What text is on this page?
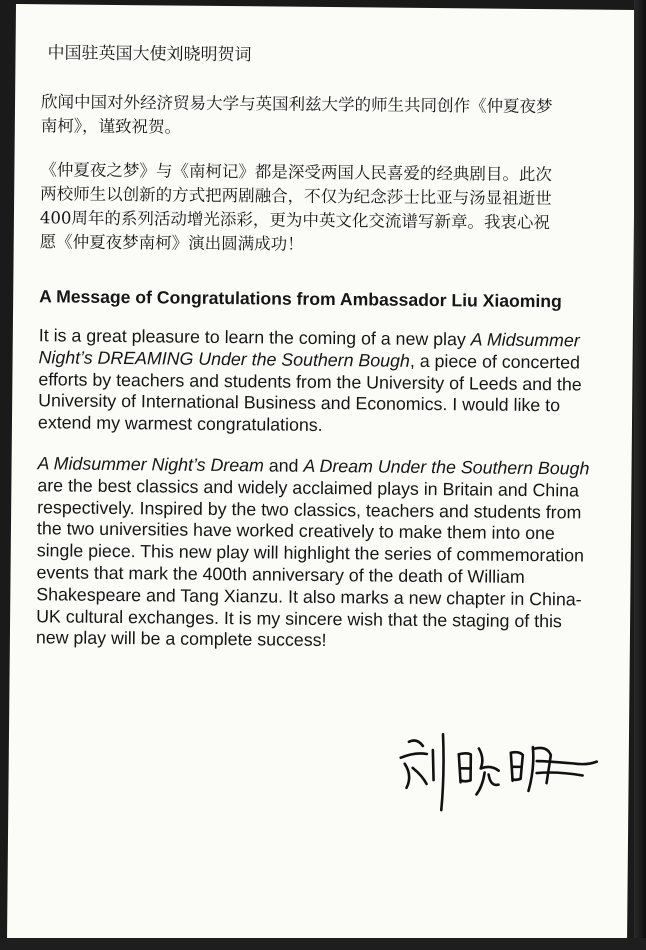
中国驻英国大使刘晓明贺词
欣闻中国对外经济贸易大学与英国利兹大学的师生共同创作《仲夏夜梦
南柯》，谨致祝贺。
《仲夏夜之梦》与《南柯记》都是深受两国人民喜爱的经典剧目。此次
两校师生以创新的方式把两剧融合，不仅为纪念莎士比亚与汤显祖逝世
400周年的系列活动增光添彩，更为中英文化交流谱写新章。我衷心祝
愿《仲夏夜梦南柯》演出圆满成功！
A Message of Congratulations from Ambassador Liu Xiaoming
It is a great pleasure to learn the coming of a new play A Midsummer
Night’s DREAMING Under the Southern Bough, a piece of concerted
efforts by teachers and students from the University of Leeds and the
University of International Business and Economics. I would like to
extend my warmest congratulations.
A Midsummer Night’s Dream and A Dream Under the Southern Bough
are the best classics and widely acclaimed plays in Britain and China
respectively. Inspired by the two classics, teachers and students from
the two universities have worked creatively to make them into one
single piece. This new play will highlight the series of commemoration
events that mark the 400th anniversary of the death of William
Shakespeare and Tang Xianzu. It also marks a new chapter in China-
UK cultural exchanges. It is my sincere wish that the staging of this
new play will be a complete success!
